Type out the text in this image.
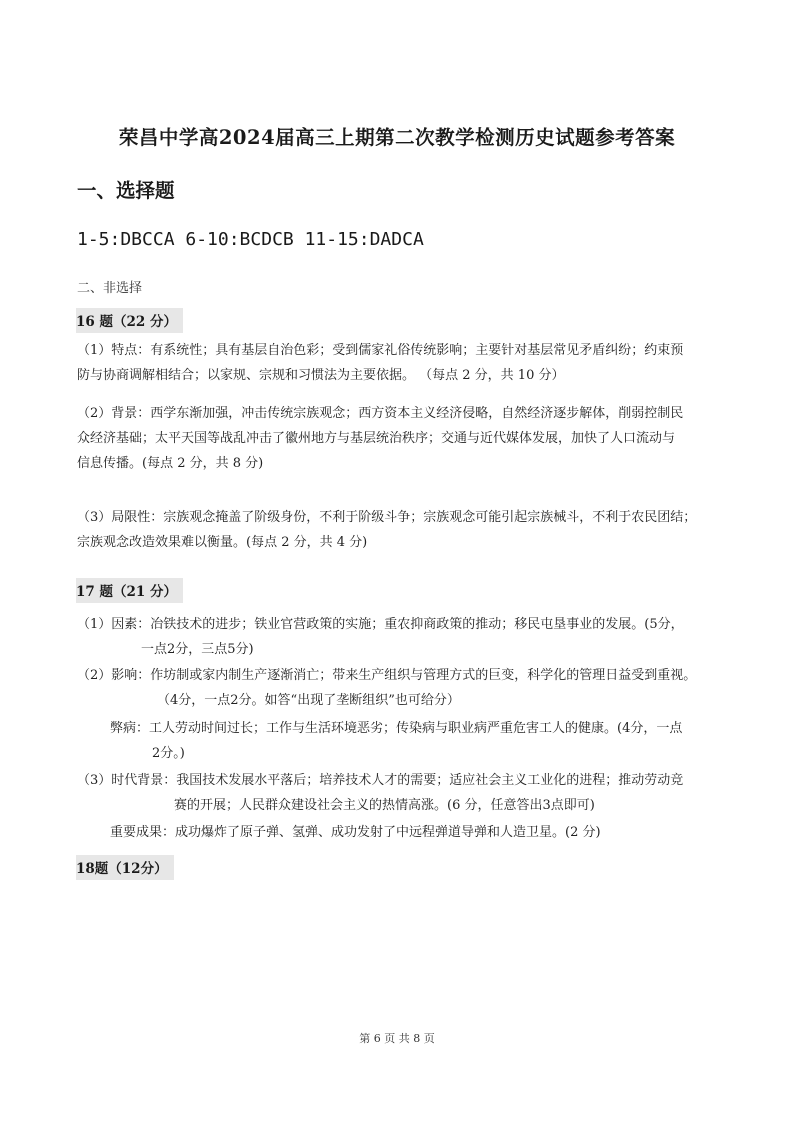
荣昌中学高2024届高三上期第二次教学检测历史试题参考答案
一、选择题
1-5:DBCCA 6-10:BCDCB 11-15:DADCA
二、非选择
16 题（22 分）
（1）特点：有系统性；具有基层自治色彩；受到儒家礼俗传统影响；主要针对基层常见矛盾纠纷；约束预
防与协商调解相结合；以家规、宗规和习惯法为主要依据。 （每点 2 分，共 10 分）
（2）背景：西学东渐加强，冲击传统宗族观念；西方资本主义经济侵略，自然经济逐步解体，削弱控制民
众经济基础；太平天国等战乱冲击了徽州地方与基层统治秩序；交通与近代媒体发展，加快了人口流动与
信息传播。(每点 2 分，共 8 分)
（3）局限性：宗族观念掩盖了阶级身份，不利于阶级斗争；宗族观念可能引起宗族械斗，不利于农民团结；
宗族观念改造效果难以衡量。(每点 2 分，共 4 分)
17 题（21 分）
（1）因素：冶铁技术的进步；铁业官营政策的实施；重农抑商政策的推动；移民屯垦事业的发展。(5分，
一点2分，三点5分)
（2）影响：作坊制或家内制生产逐渐消亡；带来生产组织与管理方式的巨变，科学化的管理日益受到重视。
（4分，一点2分。如答“出现了垄断组织”也可给分）
弊病：工人劳动时间过长；工作与生活环境恶劣；传染病与职业病严重危害工人的健康。(4分，一点
2分。)
（3）时代背景：我国技术发展水平落后；培养技术人才的需要；适应社会主义工业化的进程；推动劳动竞
赛的开展；人民群众建设社会主义的热情高涨。(6 分，任意答出3点即可)
重要成果：成功爆炸了原子弹、氢弹、成功发射了中远程弹道导弹和人造卫星。(2 分)
18题（12分）
第 6 页 共 8 页
